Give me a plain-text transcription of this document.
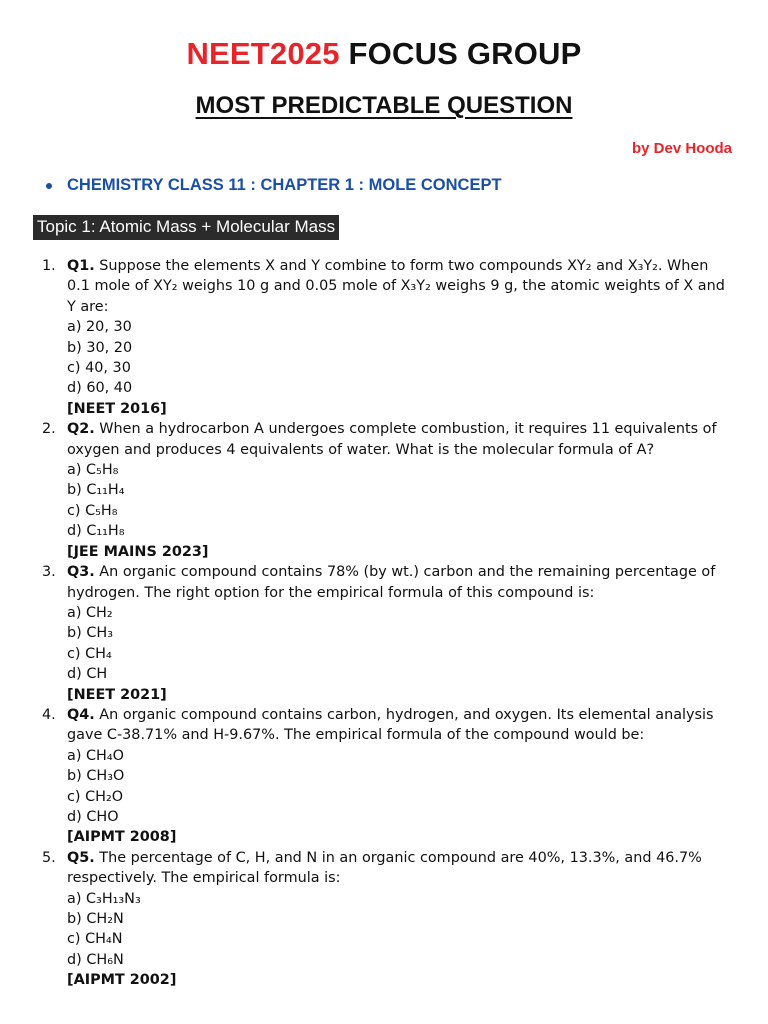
NEET2025 FOCUS GROUP
MOST PREDICTABLE QUESTION
by Dev Hooda
CHEMISTRY CLASS 11 : CHAPTER 1 : MOLE CONCEPT
Topic 1: Atomic Mass + Molecular Mass
1. Q1. Suppose the elements X and Y combine to form two compounds XY₂ and X₃Y₂. When 0.1 mole of XY₂ weighs 10 g and 0.05 mole of X₃Y₂ weighs 9 g, the atomic weights of X and Y are:
a) 20, 30
b) 30, 20
c) 40, 30
d) 60, 40
[NEET 2016]
2. Q2. When a hydrocarbon A undergoes complete combustion, it requires 11 equivalents of oxygen and produces 4 equivalents of water. What is the molecular formula of A?
a) C₅H₈
b) C₁₁H₄
c) C₅H₈
d) C₁₁H₈
[JEE MAINS 2023]
3. Q3. An organic compound contains 78% (by wt.) carbon and the remaining percentage of hydrogen. The right option for the empirical formula of this compound is:
a) CH₂
b) CH₃
c) CH₄
d) CH
[NEET 2021]
4. Q4. An organic compound contains carbon, hydrogen, and oxygen. Its elemental analysis gave C-38.71% and H-9.67%. The empirical formula of the compound would be:
a) CH₄O
b) CH₃O
c) CH₂O
d) CHO
[AIPMT 2008]
5. Q5. The percentage of C, H, and N in an organic compound are 40%, 13.3%, and 46.7% respectively. The empirical formula is:
a) C₃H₁₃N₃
b) CH₂N
c) CH₄N
d) CH₆N
[AIPMT 2002]
